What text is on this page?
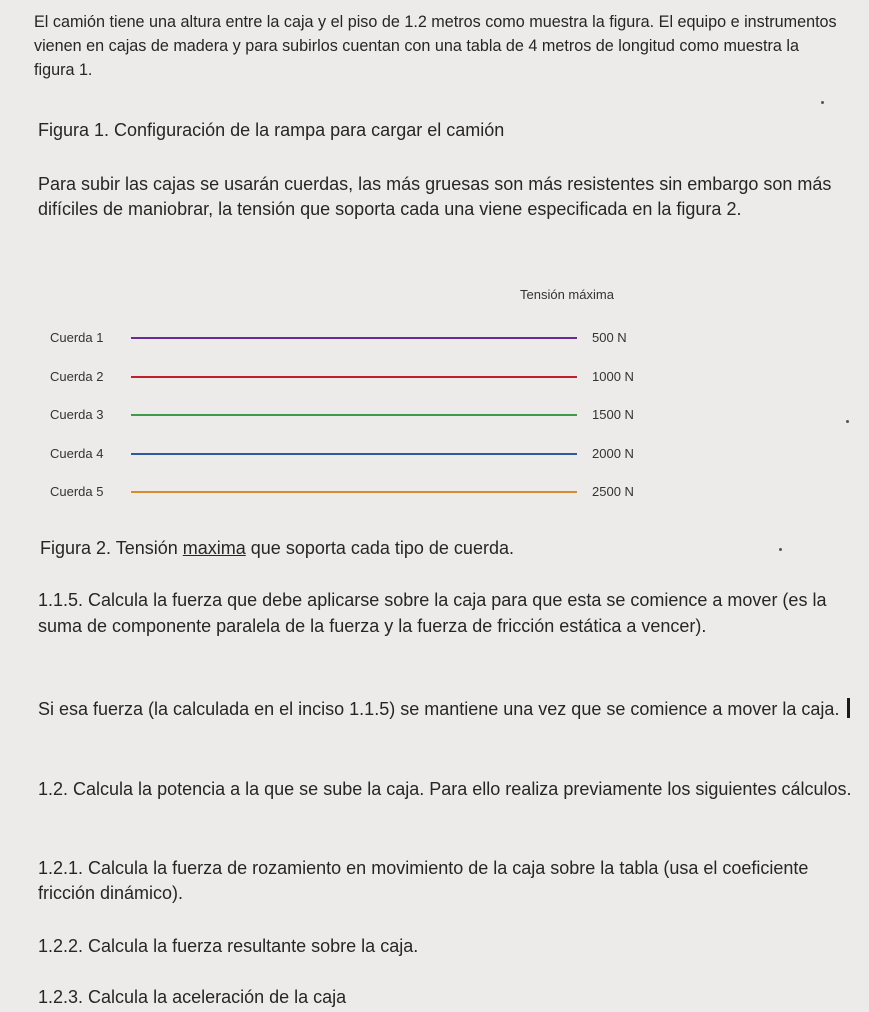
El camión tiene una altura entre la caja y el piso de 1.2 metros como muestra la figura. El equipo e instrumentos vienen en cajas de madera y para subirlos cuentan con una tabla de 4 metros de longitud como muestra la figura 1.

Figura 1. Configuración de la rampa para cargar el camión

Para subir las cajas se usarán cuerdas, las más gruesas son más resistentes sin embargo son más difíciles de maniobrar, la tensión que soporta cada una viene especificada en la figura 2.

Tensión máxima
Cuerda 1	500 N
Cuerda 2	1000 N
Cuerda 3	1500 N
Cuerda 4	2000 N
Cuerda 5	2500 N

Figura 2. Tensión maxima que soporta cada tipo de cuerda.

1.1.5. Calcula la fuerza que debe aplicarse sobre la caja para que esta se comience a mover (es la suma de componente paralela de la fuerza y la fuerza de fricción estática a vencer).

Si esa fuerza (la calculada en el inciso 1.1.5) se mantiene una vez que se comience a mover la caja.

1.2. Calcula la potencia a la que se sube la caja. Para ello realiza previamente los siguientes cálculos.

1.2.1. Calcula la fuerza de rozamiento en movimiento de la caja sobre la tabla (usa el coeficiente fricción dinámico).

1.2.2. Calcula la fuerza resultante sobre la caja.

1.2.3. Calcula la aceleración de la caja
